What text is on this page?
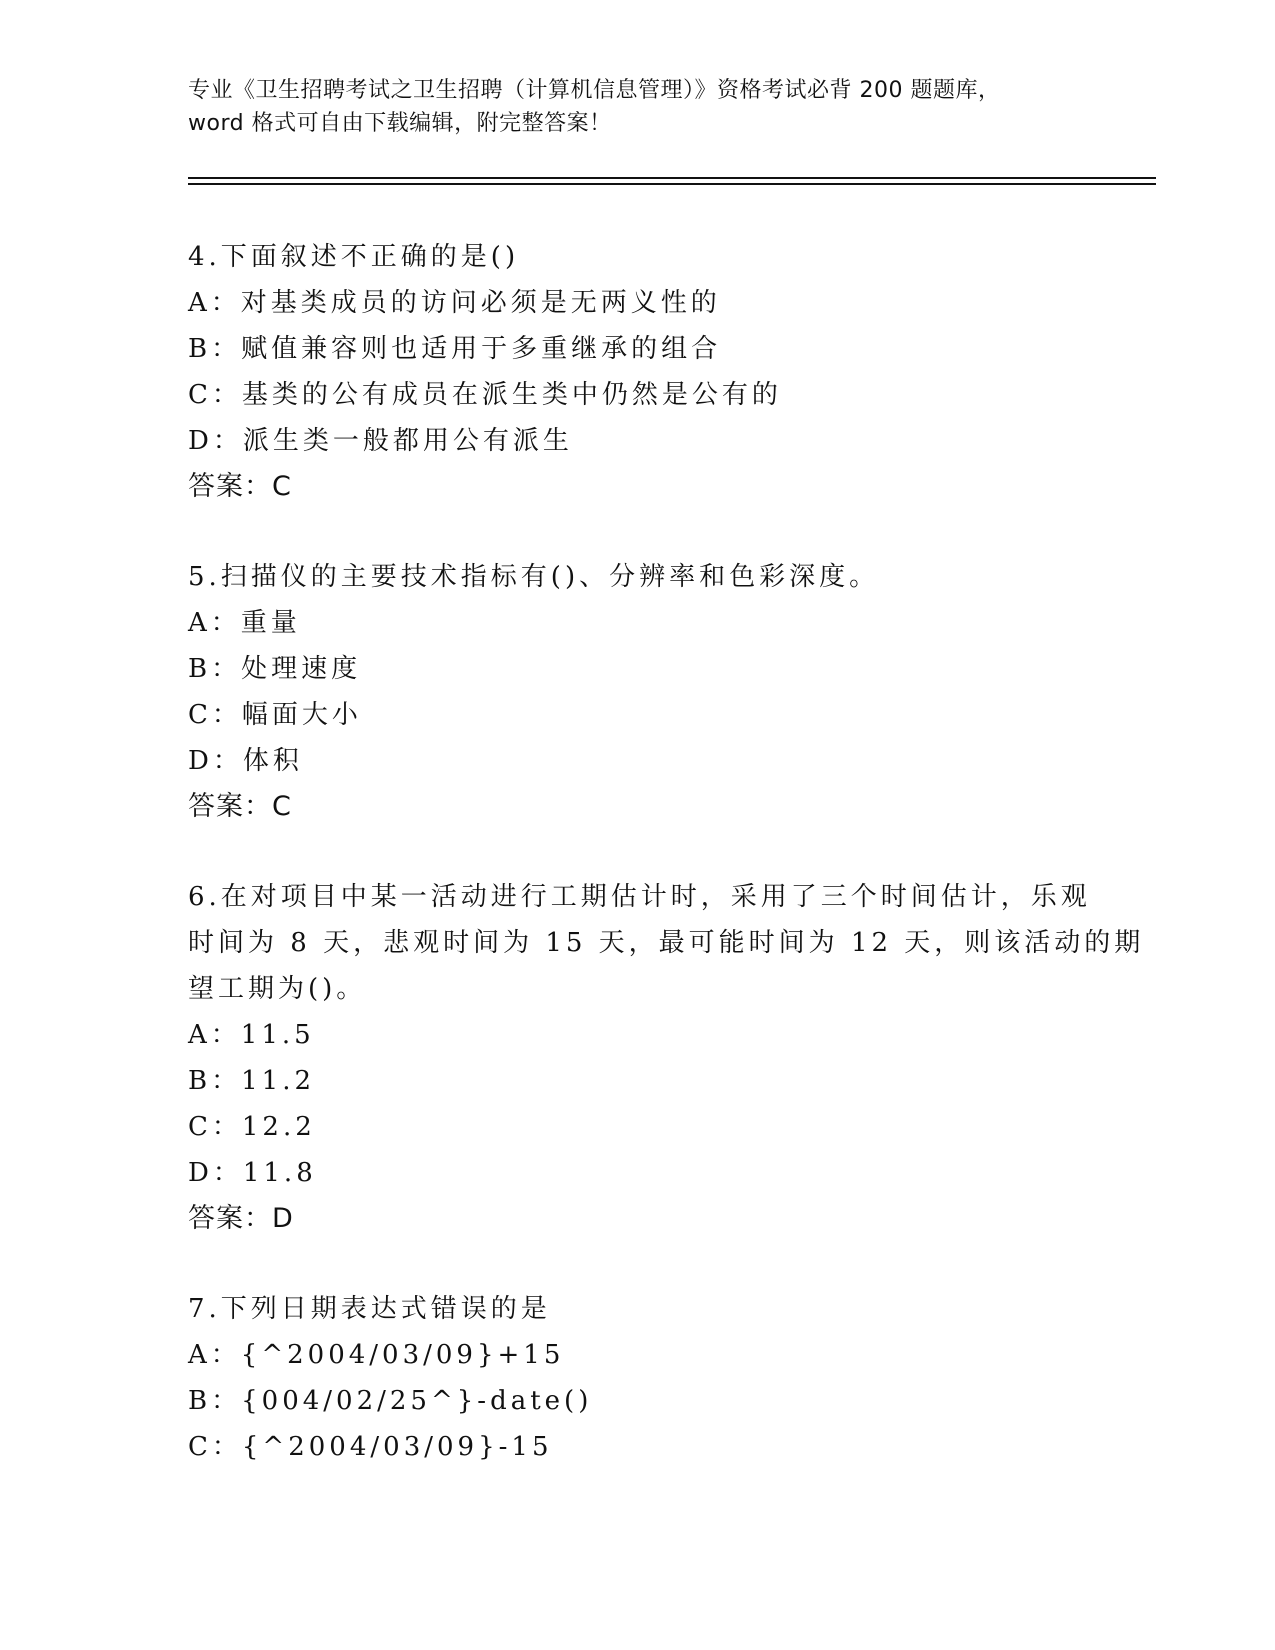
专业《卫生招聘考试之卫生招聘（计算机信息管理）》资格考试必背 200 题题库，
word 格式可自由下载编辑，附完整答案！
4.下面叙述不正确的是()
A：对基类成员的访问必须是无两义性的
B：赋值兼容则也适用于多重继承的组合
C：基类的公有成员在派生类中仍然是公有的
D：派生类一般都用公有派生
答案：C
5.扫描仪的主要技术指标有()、分辨率和色彩深度。
A：重量
B：处理速度
C：幅面大小
D：体积
答案：C
6.在对项目中某一活动进行工期估计时，采用了三个时间估计，乐观
时间为 8 天，悲观时间为 15 天，最可能时间为 12 天，则该活动的期
望工期为()。
A：11.5
B：11.2
C：12.2
D：11.8
答案：D
7.下列日期表达式错误的是
A：{^2004/03/09}+15
B：{004/02/25^}-date()
C：{^2004/03/09}-15
